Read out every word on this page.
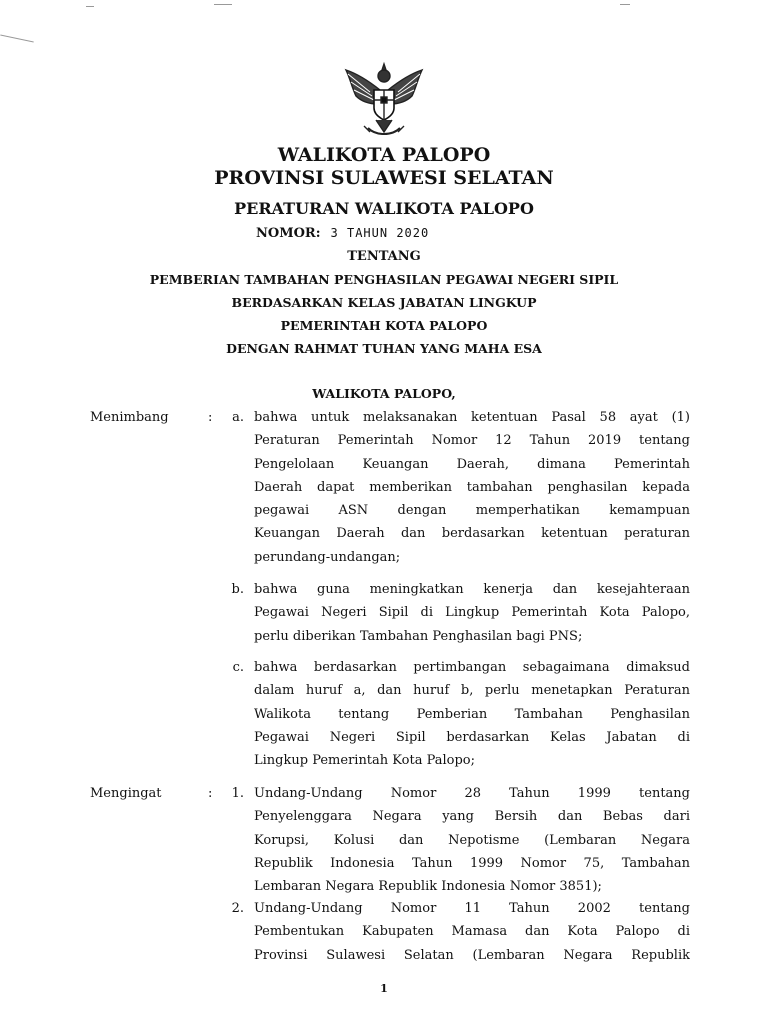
WALIKOTA PALOPO
PROVINSI SULAWESI SELATAN
PERATURAN WALIKOTA PALOPO
NOMOR: 3 TAHUN 2020
TENTANG
PEMBERIAN TAMBAHAN PENGHASILAN PEGAWAI NEGERI SIPIL
BERDASARKAN KELAS JABATAN LINGKUP
PEMERINTAH KOTA PALOPO
DENGAN RAHMAT TUHAN YANG MAHA ESA
WALIKOTA PALOPO,
Menimbang	:	a. bahwa untuk melaksanakan ketentuan Pasal 58 ayat (1)
Peraturan Pemerintah Nomor 12 Tahun 2019 tentang
Pengelolaan Keuangan Daerah, dimana Pemerintah
Daerah dapat memberikan tambahan penghasilan kepada
pegawai ASN dengan memperhatikan kemampuan
Keuangan Daerah dan berdasarkan ketentuan peraturan
perundang-undangan;
b. bahwa guna meningkatkan kenerja dan kesejahteraan
Pegawai Negeri Sipil di Lingkup Pemerintah Kota Palopo,
perlu diberikan Tambahan Penghasilan bagi PNS;
c. bahwa berdasarkan pertimbangan sebagaimana dimaksud
dalam huruf a, dan huruf b, perlu menetapkan Peraturan
Walikota tentang Pemberian Tambahan Penghasilan
Pegawai Negeri Sipil berdasarkan Kelas Jabatan di
Lingkup Pemerintah Kota Palopo;
Mengingat	:	1. Undang-Undang Nomor 28 Tahun 1999 tentang
Penyelenggara Negara yang Bersih dan Bebas dari
Korupsi, Kolusi dan Nepotisme (Lembaran Negara
Republik Indonesia Tahun 1999 Nomor 75, Tambahan
Lembaran Negara Republik Indonesia Nomor 3851);
2. Undang-Undang Nomor 11 Tahun 2002 tentang
Pembentukan Kabupaten Mamasa dan Kota Palopo di
Provinsi Sulawesi Selatan (Lembaran Negara Republik
1
